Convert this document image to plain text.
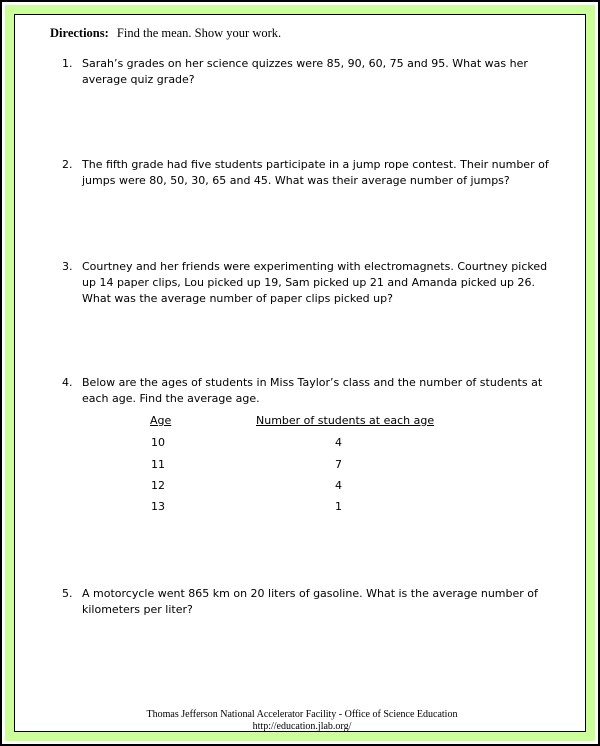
Directions: Find the mean. Show your work.
1. Sarah’s grades on her science quizzes were 85, 90, 60, 75 and 95. What was her average quiz grade?
2. The fifth grade had five students participate in a jump rope contest. Their number of jumps were 80, 50, 30, 65 and 45. What was their average number of jumps?
3. Courtney and her friends were experimenting with electromagnets. Courtney picked up 14 paper clips, Lou picked up 19, Sam picked up 21 and Amanda picked up 26. What was the average number of paper clips picked up?
4. Below are the ages of students in Miss Taylor’s class and the number of students at each age. Find the average age.
Age	Number of students at each age
10	4
11	7
12	4
13	1
5. A motorcycle went 865 km on 20 liters of gasoline. What is the average number of kilometers per liter?
Thomas Jefferson National Accelerator Facility - Office of Science Education
http://education.jlab.org/
